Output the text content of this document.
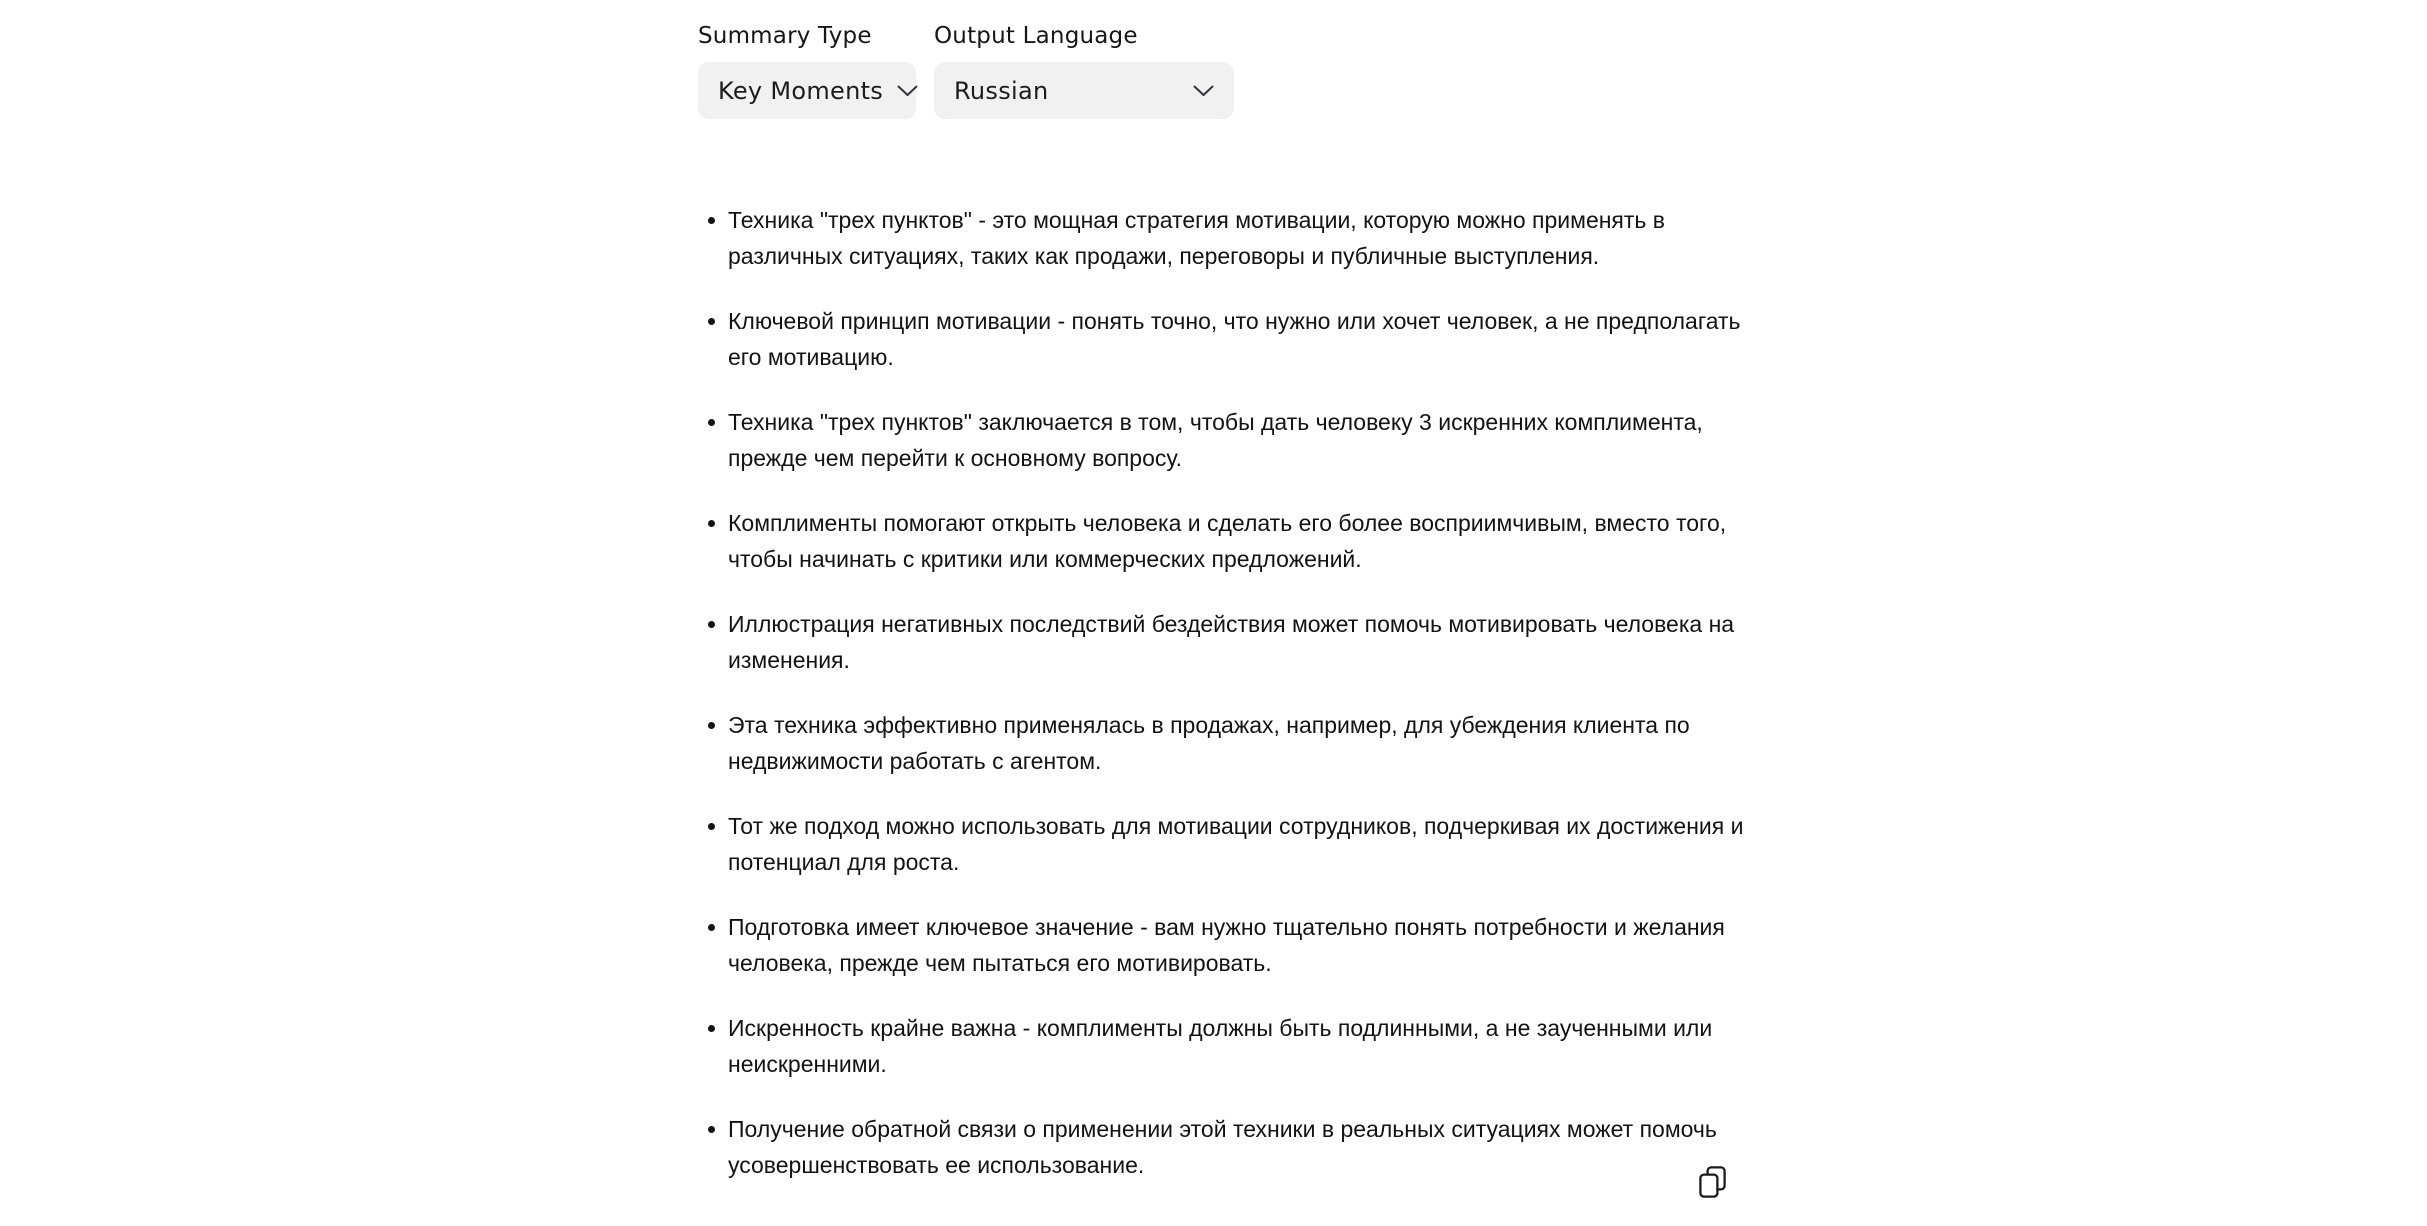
Summary Type
Key Moments
Output Language
Russian
Техника "трех пунктов" - это мощная стратегия мотивации, которую можно применять в различных ситуациях, таких как продажи, переговоры и публичные выступления.
Ключевой принцип мотивации - понять точно, что нужно или хочет человек, а не предполагать его мотивацию.
Техника "трех пунктов" заключается в том, чтобы дать человеку 3 искренних комплимента, прежде чем перейти к основному вопросу.
Комплименты помогают открыть человека и сделать его более восприимчивым, вместо того, чтобы начинать с критики или коммерческих предложений.
Иллюстрация негативных последствий бездействия может помочь мотивировать человека на изменения.
Эта техника эффективно применялась в продажах, например, для убеждения клиента по недвижимости работать с агентом.
Тот же подход можно использовать для мотивации сотрудников, подчеркивая их достижения и потенциал для роста.
Подготовка имеет ключевое значение - вам нужно тщательно понять потребности и желания человека, прежде чем пытаться его мотивировать.
Искренность крайне важна - комплименты должны быть подлинными, а не заученными или неискренними.
Получение обратной связи о применении этой техники в реальных ситуациях может помочь усовершенствовать ее использование.
